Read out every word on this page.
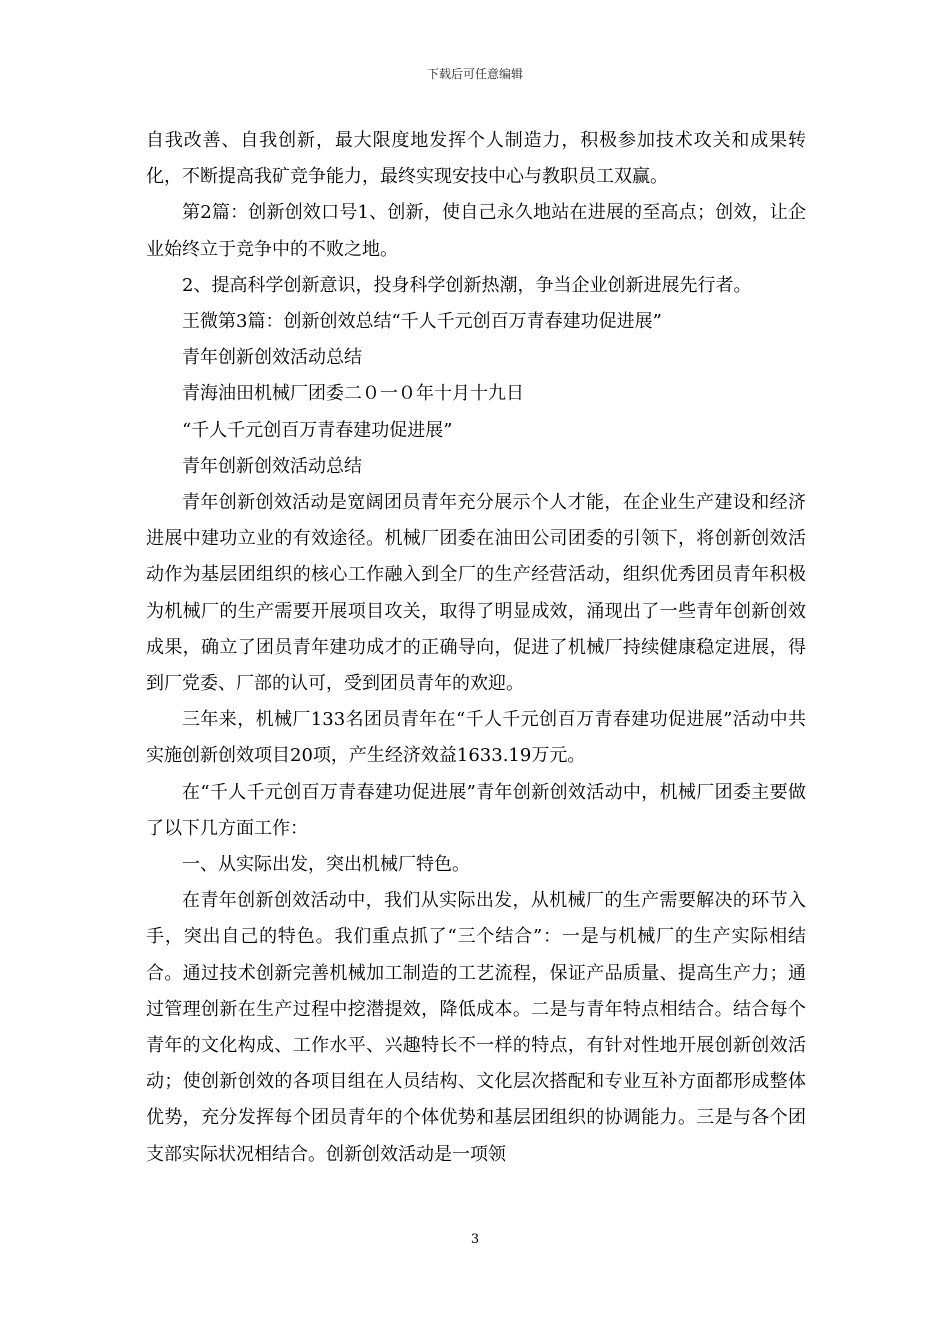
下载后可任意编辑

自我改善、自我创新，最大限度地发挥个人制造力，积极参加技术攻关和成果转化，不断提高我矿竞争能力，最终实现安技中心与教职员工双赢。

第2篇：创新创效口号1、创新，使自己永久地站在进展的至高点；创效，让企业始终立于竞争中的不败之地。

2、提高科学创新意识，投身科学创新热潮，争当企业创新进展先行者。

王微第3篇：创新创效总结“千人千元创百万青春建功促进展”

青年创新创效活动总结

青海油田机械厂团委二０一０年十月十九日

“千人千元创百万青春建功促进展”

青年创新创效活动总结

青年创新创效活动是宽阔团员青年充分展示个人才能，在企业生产建设和经济进展中建功立业的有效途径。机械厂团委在油田公司团委的引领下，将创新创效活动作为基层团组织的核心工作融入到全厂的生产经营活动，组织优秀团员青年积极为机械厂的生产需要开展项目攻关，取得了明显成效，涌现出了一些青年创新创效成果，确立了团员青年建功成才的正确导向，促进了机械厂持续健康稳定进展，得到厂党委、厂部的认可，受到团员青年的欢迎。

三年来，机械厂133名团员青年在“千人千元创百万青春建功促进展”活动中共实施创新创效项目20项，产生经济效益1633.19万元。

在“千人千元创百万青春建功促进展”青年创新创效活动中，机械厂团委主要做了以下几方面工作：

一、从实际出发，突出机械厂特色。

在青年创新创效活动中，我们从实际出发，从机械厂的生产需要解决的环节入手，突出自己的特色。我们重点抓了“三个结合”：一是与机械厂的生产实际相结合。通过技术创新完善机械加工制造的工艺流程，保证产品质量、提高生产力；通过管理创新在生产过程中挖潜提效，降低成本。二是与青年特点相结合。结合每个青年的文化构成、工作水平、兴趣特长不一样的特点，有针对性地开展创新创效活动；使创新创效的各项目组在人员结构、文化层次搭配和专业互补方面都形成整体优势，充分发挥每个团员青年的个体优势和基层团组织的协调能力。三是与各个团支部实际状况相结合。创新创效活动是一项领

3
